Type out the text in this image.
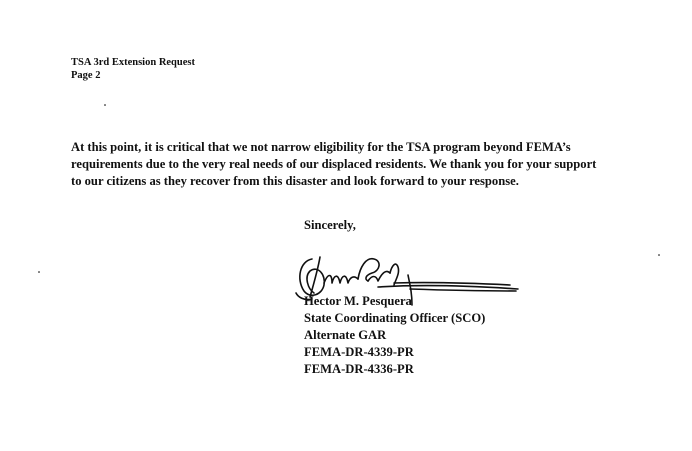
TSA 3rd Extension Request
Page 2
At this point, it is critical that we not narrow eligibility for the TSA program beyond FEMA’s
requirements due to the very real needs of our displaced residents. We thank you for your support
to our citizens as they recover from this disaster and look forward to your response.
Sincerely,
Hector M. Pesquera
State Coordinating Officer (SCO)
Alternate GAR
FEMA-DR-4339-PR
FEMA-DR-4336-PR
